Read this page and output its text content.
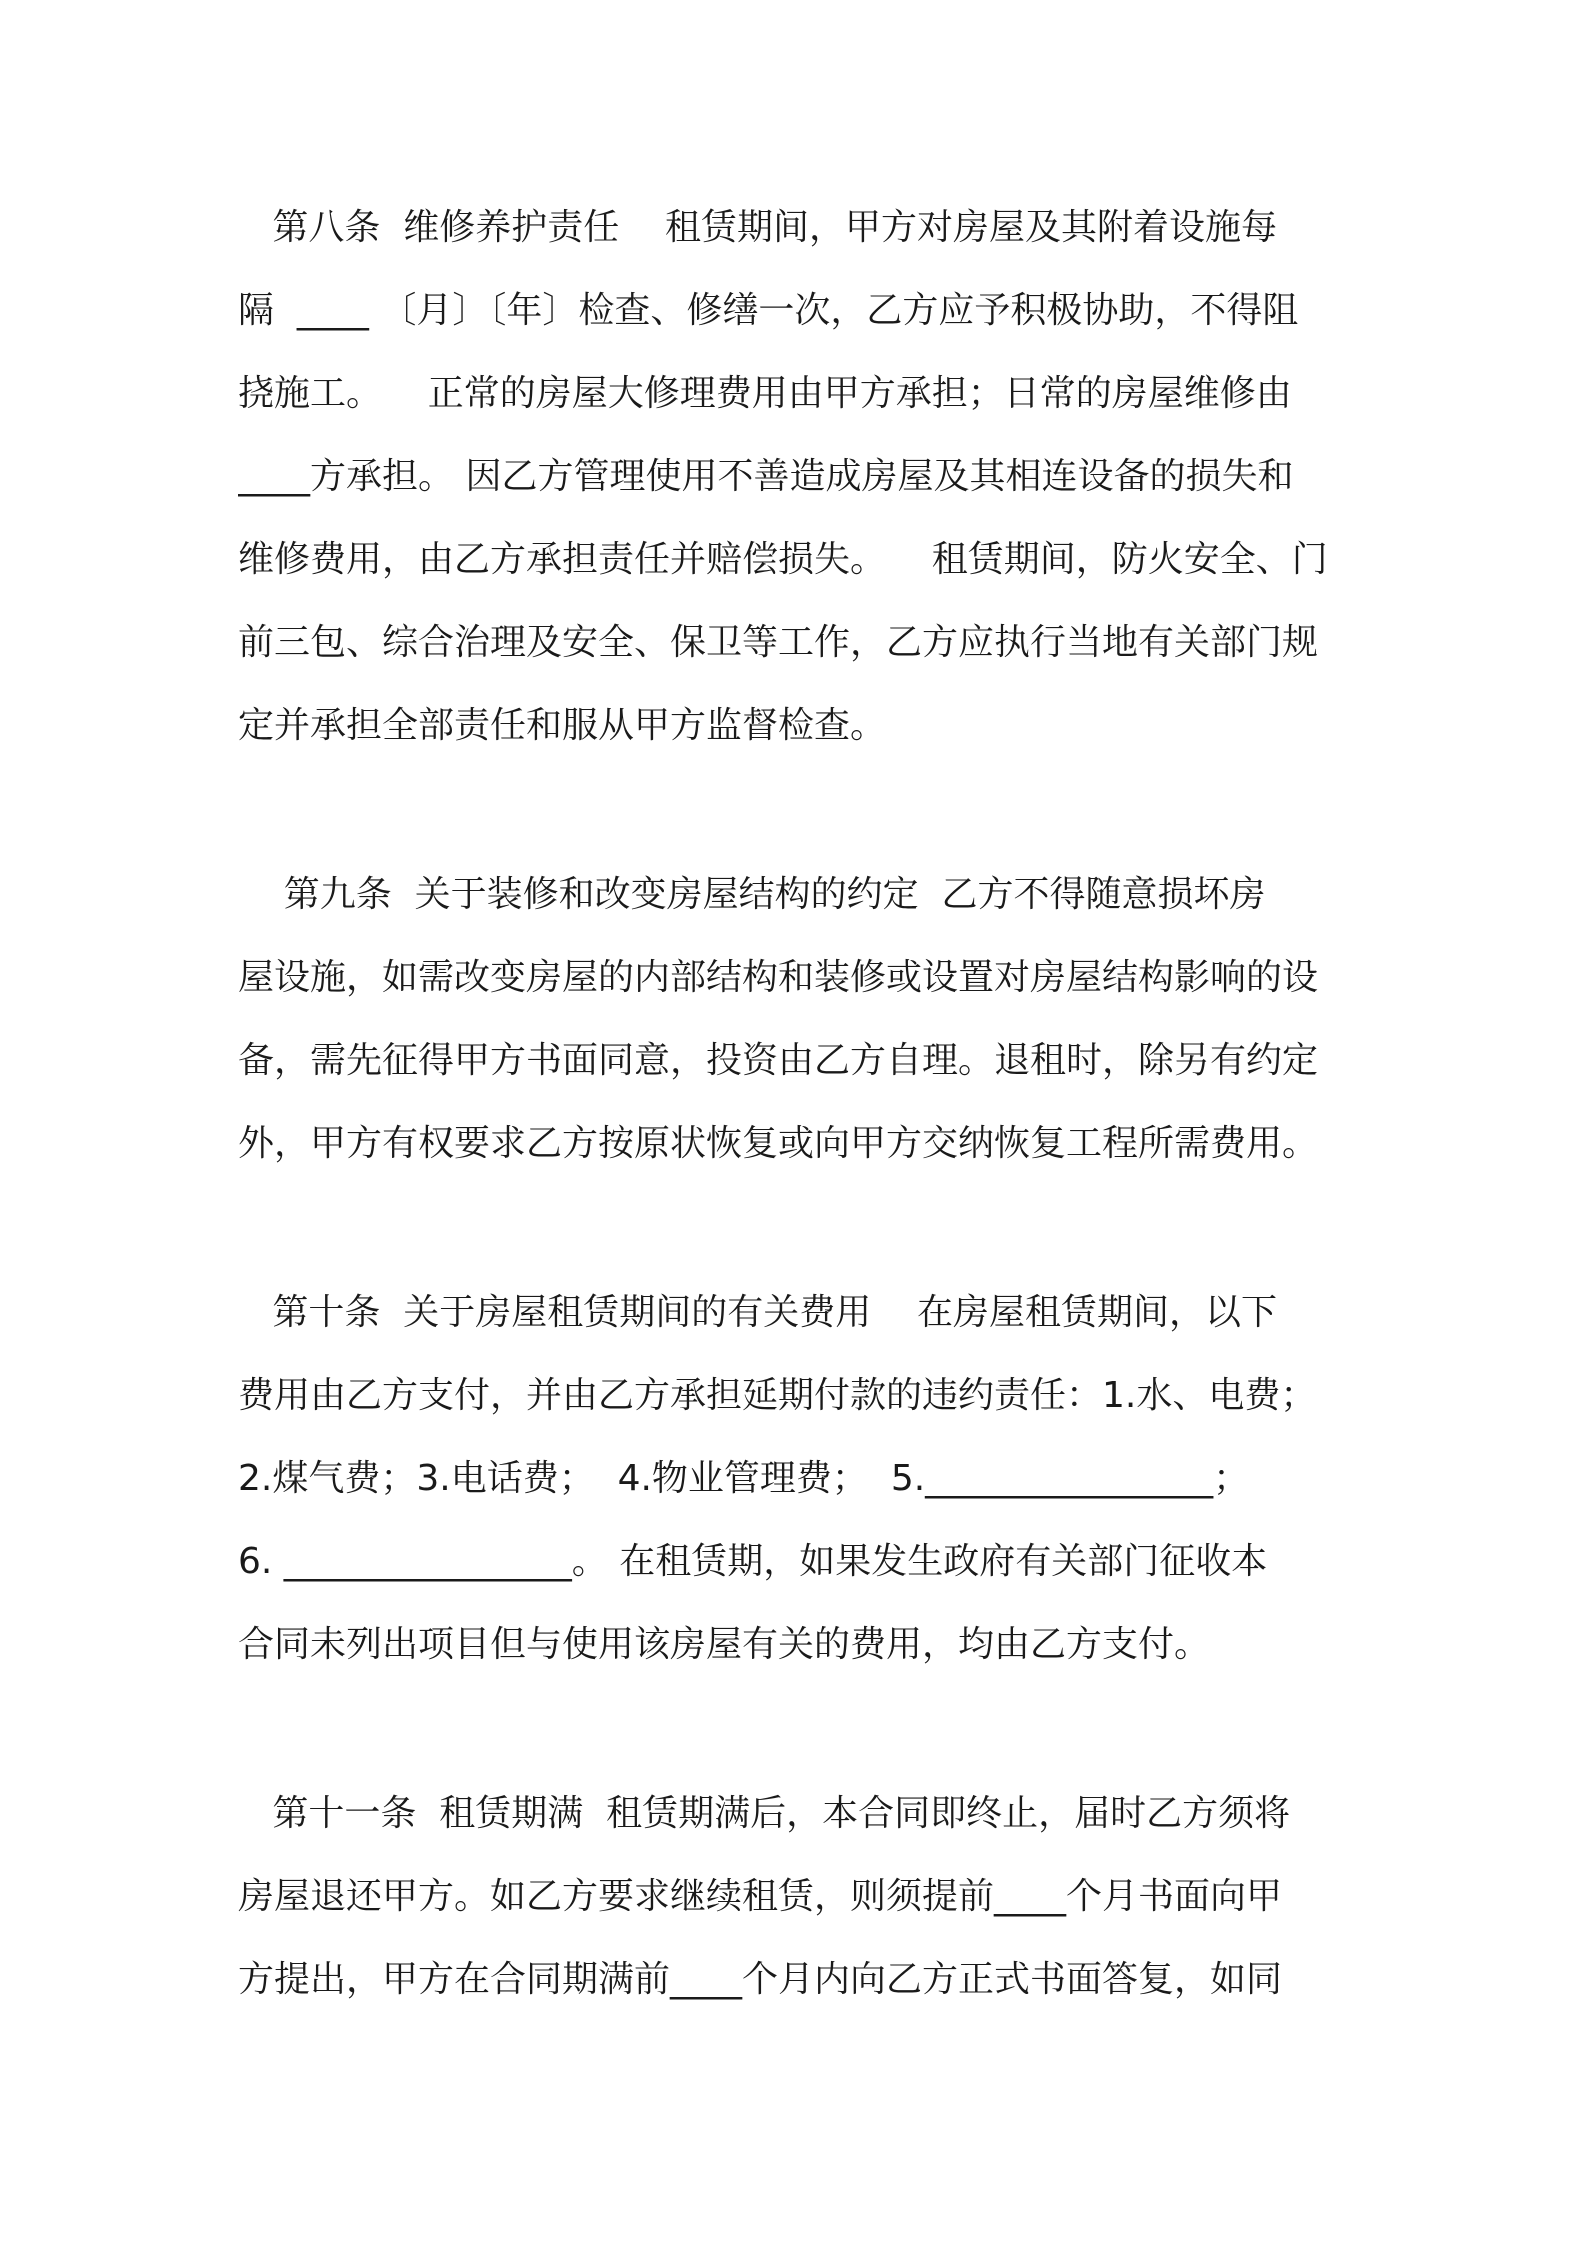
第八条  维修养护责任    租赁期间，甲方对房屋及其附着设施每
隔  ____ 〔月〕〔年〕检查、修缮一次，乙方应予积极协助，不得阻
挠施工。    正常的房屋大修理费用由甲方承担；日常的房屋维修由
____方承担。 因乙方管理使用不善造成房屋及其相连设备的损失和
维修费用，由乙方承担责任并赔偿损失。    租赁期间，防火安全、门
前三包、综合治理及安全、保卫等工作，乙方应执行当地有关部门规
定并承担全部责任和服从甲方监督检查。
第九条  关于装修和改变房屋结构的约定  乙方不得随意损坏房
屋设施，如需改变房屋的内部结构和装修或设置对房屋结构影响的设
备，需先征得甲方书面同意，投资由乙方自理。退租时，除另有约定
外，甲方有权要求乙方按原状恢复或向甲方交纳恢复工程所需费用。
第十条  关于房屋租赁期间的有关费用    在房屋租赁期间，以下
费用由乙方支付，并由乙方承担延期付款的违约责任：1.水、电费；
2.煤气费；3.电话费；  4.物业管理费；  5.________________；
6. ________________。 在租赁期，如果发生政府有关部门征收本
合同未列出项目但与使用该房屋有关的费用，均由乙方支付。
第十一条  租赁期满  租赁期满后，本合同即终止，届时乙方须将
房屋退还甲方。如乙方要求继续租赁，则须提前____个月书面向甲
方提出，甲方在合同期满前____个月内向乙方正式书面答复，如同
